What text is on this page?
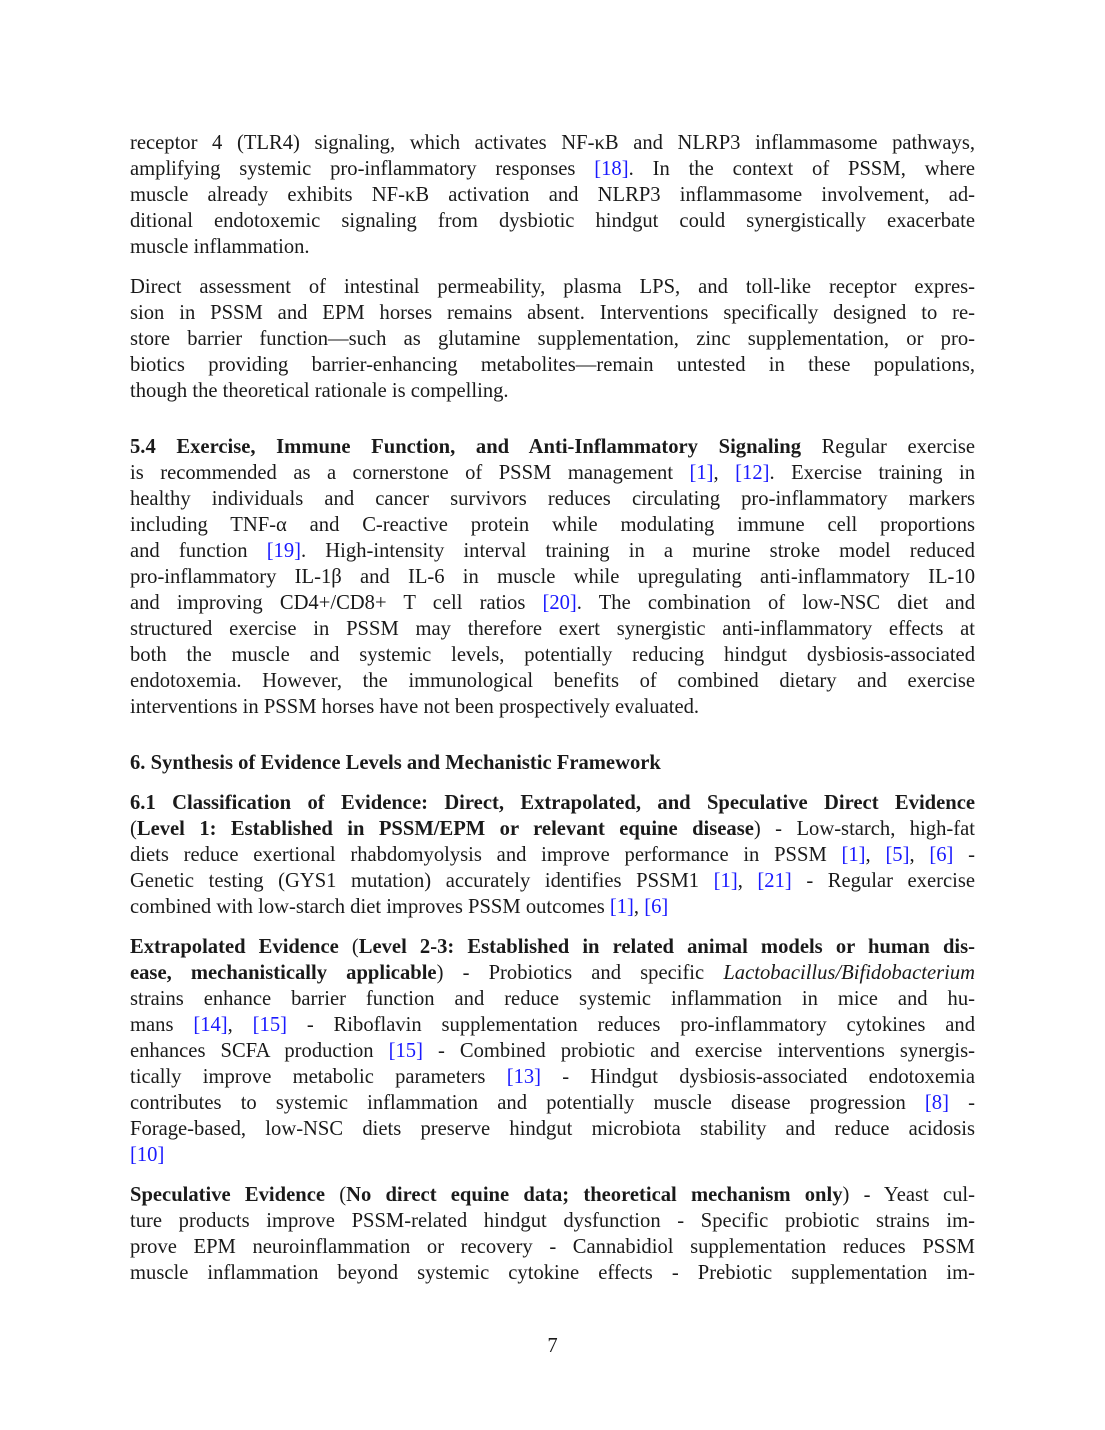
receptor 4 (TLR4) signaling, which activates NF-κB and NLRP3 inflammasome pathways,
amplifying systemic pro-inflammatory responses [18]. In the context of PSSM, where
muscle already exhibits NF-κB activation and NLRP3 inflammasome involvement, ad-
ditional endotoxemic signaling from dysbiotic hindgut could synergistically exacerbate
muscle inflammation.
Direct assessment of intestinal permeability, plasma LPS, and toll-like receptor expres-
sion in PSSM and EPM horses remains absent. Interventions specifically designed to re-
store barrier function—such as glutamine supplementation, zinc supplementation, or pro-
biotics providing barrier-enhancing metabolites—remain untested in these populations,
though the theoretical rationale is compelling.
5.4 Exercise, Immune Function, and Anti-Inflammatory Signaling Regular exercise
is recommended as a cornerstone of PSSM management [1], [12]. Exercise training in
healthy individuals and cancer survivors reduces circulating pro-inflammatory markers
including TNF-α and C-reactive protein while modulating immune cell proportions
and function [19]. High-intensity interval training in a murine stroke model reduced
pro-inflammatory IL-1β and IL-6 in muscle while upregulating anti-inflammatory IL-10
and improving CD4+/CD8+ T cell ratios [20]. The combination of low-NSC diet and
structured exercise in PSSM may therefore exert synergistic anti-inflammatory effects at
both the muscle and systemic levels, potentially reducing hindgut dysbiosis-associated
endotoxemia. However, the immunological benefits of combined dietary and exercise
interventions in PSSM horses have not been prospectively evaluated.
6. Synthesis of Evidence Levels and Mechanistic Framework
6.1 Classification of Evidence: Direct, Extrapolated, and Speculative Direct Evidence
(Level 1: Established in PSSM/EPM or relevant equine disease) - Low-starch, high-fat
diets reduce exertional rhabdomyolysis and improve performance in PSSM [1], [5], [6] -
Genetic testing (GYS1 mutation) accurately identifies PSSM1 [1], [21] - Regular exercise
combined with low-starch diet improves PSSM outcomes [1], [6]
Extrapolated Evidence (Level 2-3: Established in related animal models or human dis-
ease, mechanistically applicable) - Probiotics and specific Lactobacillus/Bifidobacterium
strains enhance barrier function and reduce systemic inflammation in mice and hu-
mans [14], [15] - Riboflavin supplementation reduces pro-inflammatory cytokines and
enhances SCFA production [15] - Combined probiotic and exercise interventions synergis-
tically improve metabolic parameters [13] - Hindgut dysbiosis-associated endotoxemia
contributes to systemic inflammation and potentially muscle disease progression [8] -
Forage-based, low-NSC diets preserve hindgut microbiota stability and reduce acidosis
[10]
Speculative Evidence (No direct equine data; theoretical mechanism only) - Yeast cul-
ture products improve PSSM-related hindgut dysfunction - Specific probiotic strains im-
prove EPM neuroinflammation or recovery - Cannabidiol supplementation reduces PSSM
muscle inflammation beyond systemic cytokine effects - Prebiotic supplementation im-
7
